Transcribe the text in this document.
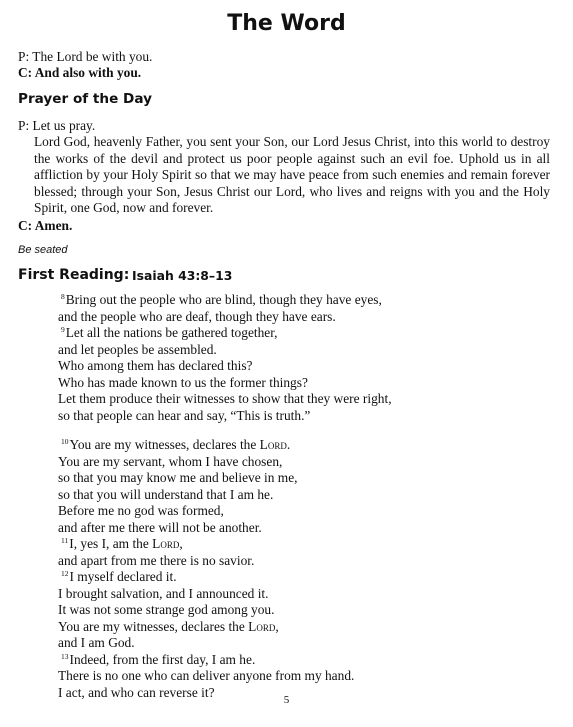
The Word
P: The Lord be with you.
C: And also with you.
Prayer of the Day
P: Let us pray.
Lord God, heavenly Father, you sent your Son, our Lord Jesus Christ, into this world to destroy the works of the devil and protect us poor people against such an evil foe. Uphold us in all affliction by your Holy Spirit so that we may have peace from such enemies and remain forever blessed; through your Son, Jesus Christ our Lord, who lives and reigns with you and the Holy Spirit, one God, now and forever.
C: Amen.
Be seated
First Reading: Isaiah 43:8–13
$^8$Bring out the people who are blind, though they have eyes,
and the people who are deaf, though they have ears.
$^9$Let all the nations be gathered together,
and let peoples be assembled.
Who among them has declared this?
Who has made known to us the former things?
Let them produce their witnesses to show that they were right,
so that people can hear and say, “This is truth.”
$^{10}$You are my witnesses, declares the Lord.
You are my servant, whom I have chosen,
so that you may know me and believe in me,
so that you will understand that I am he.
Before me no god was formed,
and after me there will not be another.
$^{11}$I, yes I, am the Lord,
and apart from me there is no savior.
$^{12}$I myself declared it.
I brought salvation, and I announced it.
It was not some strange god among you.
You are my witnesses, declares the Lord,
and I am God.
$^{13}$Indeed, from the first day, I am he.
There is no one who can deliver anyone from my hand.
I act, and who can reverse it?
5
